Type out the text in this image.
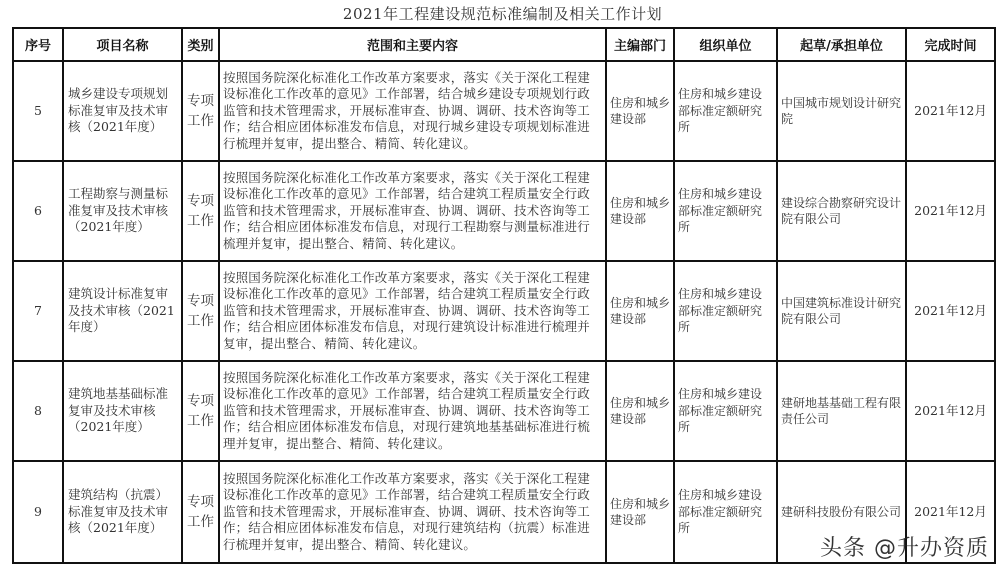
2021年工程建设规范标准编制及相关工作计划
序号	项目名称	类别	范围和主要内容	主编部门	组织单位	起草/承担单位	完成时间
5	城乡建设专项规划标准复审及技术审核（2021年度）	专项工作	按照国务院深化标准化工作改革方案要求，落实《关于深化工程建设标准化工作改革的意见》工作部署，结合城乡建设专项规划行政监管和技术管理需求，开展标准审查、协调、调研、技术咨询等工作；结合相应团体标准发布信息，对现行城乡建设专项规划标准进行梳理并复审，提出整合、精简、转化建议。	住房和城乡建设部	住房和城乡建设部标准定额研究所	中国城市规划设计研究院	2021年12月
6	工程勘察与测量标准复审及技术审核（2021年度）	专项工作	按照国务院深化标准化工作改革方案要求，落实《关于深化工程建设标准化工作改革的意见》工作部署，结合建筑工程质量安全行政监管和技术管理需求，开展标准审查、协调、调研、技术咨询等工作；结合相应团体标准发布信息，对现行工程勘察与测量标准进行梳理并复审，提出整合、精简、转化建议。	住房和城乡建设部	住房和城乡建设部标准定额研究所	建设综合勘察研究设计院有限公司	2021年12月
7	建筑设计标准复审及技术审核（2021年度）	专项工作	按照国务院深化标准化工作改革方案要求，落实《关于深化工程建设标准化工作改革的意见》工作部署，结合建筑工程质量安全行政监管和技术管理需求，开展标准审查、协调、调研、技术咨询等工作；结合相应团体标准发布信息，对现行建筑设计标准进行梳理并复审，提出整合、精简、转化建议。	住房和城乡建设部	住房和城乡建设部标准定额研究所	中国建筑标准设计研究院有限公司	2021年12月
8	建筑地基基础标准复审及技术审核（2021年度）	专项工作	按照国务院深化标准化工作改革方案要求，落实《关于深化工程建设标准化工作改革的意见》工作部署，结合建筑工程质量安全行政监管和技术管理需求，开展标准审查、协调、调研、技术咨询等工作；结合相应团体标准发布信息，对现行建筑地基基础标准进行梳理并复审，提出整合、精简、转化建议。	住房和城乡建设部	住房和城乡建设部标准定额研究所	建研地基基础工程有限责任公司	2021年12月
9	建筑结构（抗震）标准复审及技术审核（2021年度）	专项工作	按照国务院深化标准化工作改革方案要求，落实《关于深化工程建设标准化工作改革的意见》工作部署，结合建筑工程质量安全行政监管和技术管理需求，开展标准审查、协调、调研、技术咨询等工作；结合相应团体标准发布信息，对现行建筑结构（抗震）标准进行梳理并复审，提出整合、精简、转化建议。	住房和城乡建设部	住房和城乡建设部标准定额研究所	建研科技股份有限公司	2021年12月
头条 @升办资质
